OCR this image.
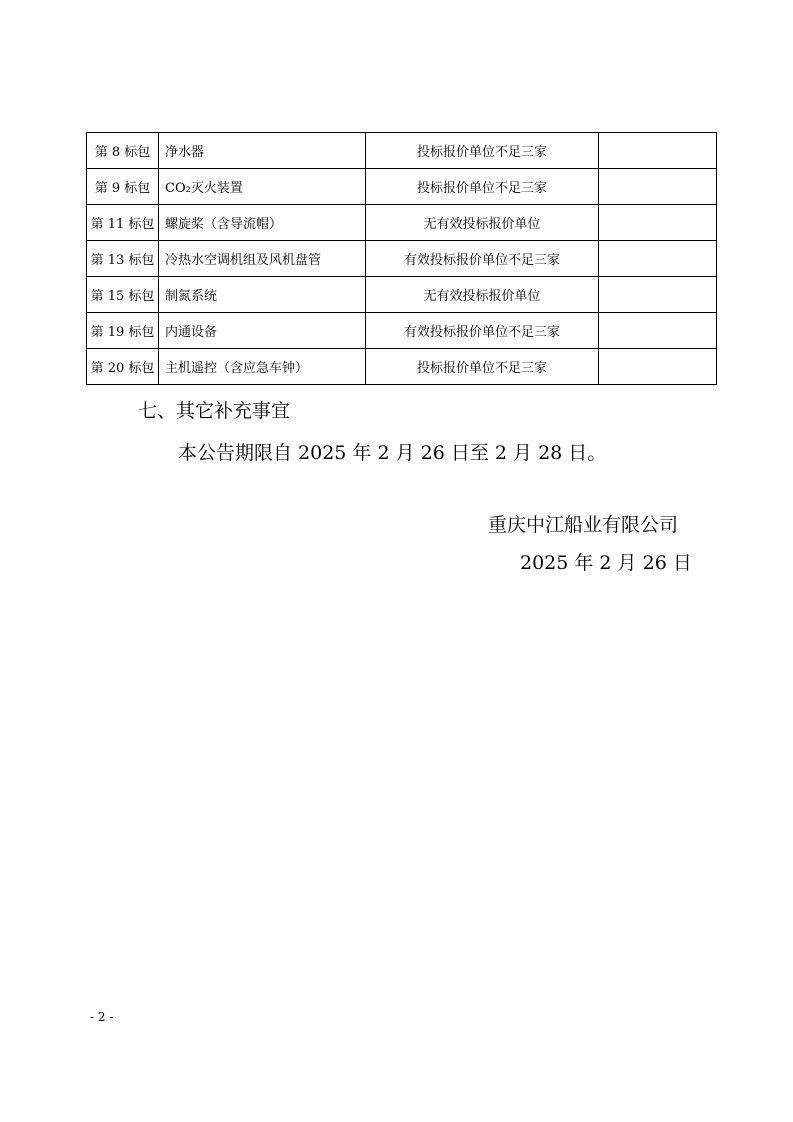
第 8 标包	净水器	投标报价单位不足三家	
第 9 标包	CO₂灭火装置	投标报价单位不足三家	
第 11 标包	螺旋桨（含导流帽）	无有效投标报价单位	
第 13 标包	冷热水空调机组及风机盘管	有效投标报价单位不足三家	
第 15 标包	制氮系统	无有效投标报价单位	
第 19 标包	内通设备	有效投标报价单位不足三家	
第 20 标包	主机遥控（含应急车钟）	投标报价单位不足三家	
七、其它补充事宜
本公告期限自 2025 年 2 月 26 日至 2 月 28 日。
重庆中江船业有限公司
2025 年 2 月 26 日
- 2 -
